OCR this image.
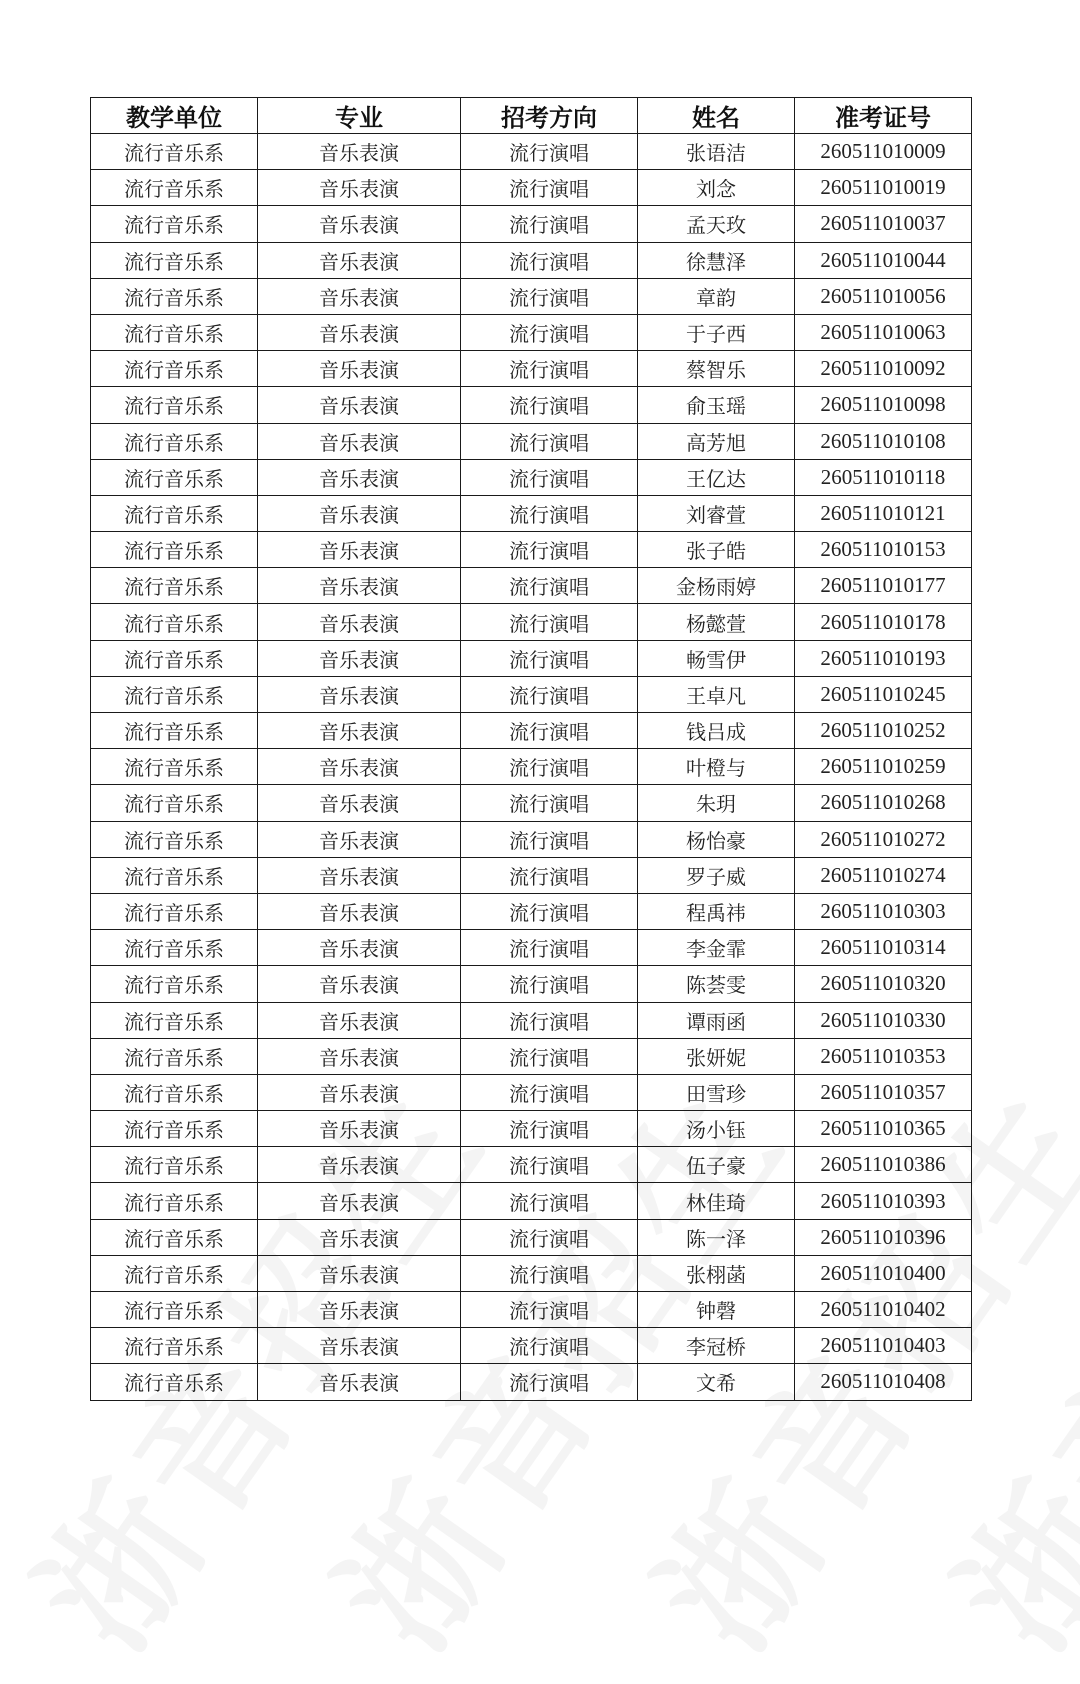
教学单位	专业	招考方向	姓名	准考证号
流行音乐系	音乐表演	流行演唱	张语洁	260511010009
流行音乐系	音乐表演	流行演唱	刘念	260511010019
流行音乐系	音乐表演	流行演唱	孟天玫	260511010037
流行音乐系	音乐表演	流行演唱	徐慧泽	260511010044
流行音乐系	音乐表演	流行演唱	章韵	260511010056
流行音乐系	音乐表演	流行演唱	于子西	260511010063
流行音乐系	音乐表演	流行演唱	蔡智乐	260511010092
流行音乐系	音乐表演	流行演唱	俞玉瑶	260511010098
流行音乐系	音乐表演	流行演唱	高芳旭	260511010108
流行音乐系	音乐表演	流行演唱	王亿达	260511010118
流行音乐系	音乐表演	流行演唱	刘睿萱	260511010121
流行音乐系	音乐表演	流行演唱	张子皓	260511010153
流行音乐系	音乐表演	流行演唱	金杨雨婷	260511010177
流行音乐系	音乐表演	流行演唱	杨懿萱	260511010178
流行音乐系	音乐表演	流行演唱	畅雪伊	260511010193
流行音乐系	音乐表演	流行演唱	王卓凡	260511010245
流行音乐系	音乐表演	流行演唱	钱吕成	260511010252
流行音乐系	音乐表演	流行演唱	叶橙与	260511010259
流行音乐系	音乐表演	流行演唱	朱玥	260511010268
流行音乐系	音乐表演	流行演唱	杨怡豪	260511010272
流行音乐系	音乐表演	流行演唱	罗子威	260511010274
流行音乐系	音乐表演	流行演唱	程禹祎	260511010303
流行音乐系	音乐表演	流行演唱	李金霏	260511010314
流行音乐系	音乐表演	流行演唱	陈荟雯	260511010320
流行音乐系	音乐表演	流行演唱	谭雨函	260511010330
流行音乐系	音乐表演	流行演唱	张妍妮	260511010353
流行音乐系	音乐表演	流行演唱	田雪珍	260511010357
流行音乐系	音乐表演	流行演唱	汤小钰	260511010365
流行音乐系	音乐表演	流行演唱	伍子豪	260511010386
流行音乐系	音乐表演	流行演唱	林佳琦	260511010393
流行音乐系	音乐表演	流行演唱	陈一泽	260511010396
流行音乐系	音乐表演	流行演唱	张栩菡	260511010400
流行音乐系	音乐表演	流行演唱	钟磬	260511010402
流行音乐系	音乐表演	流行演唱	李冠桥	260511010403
流行音乐系	音乐表演	流行演唱	文希	260511010408
